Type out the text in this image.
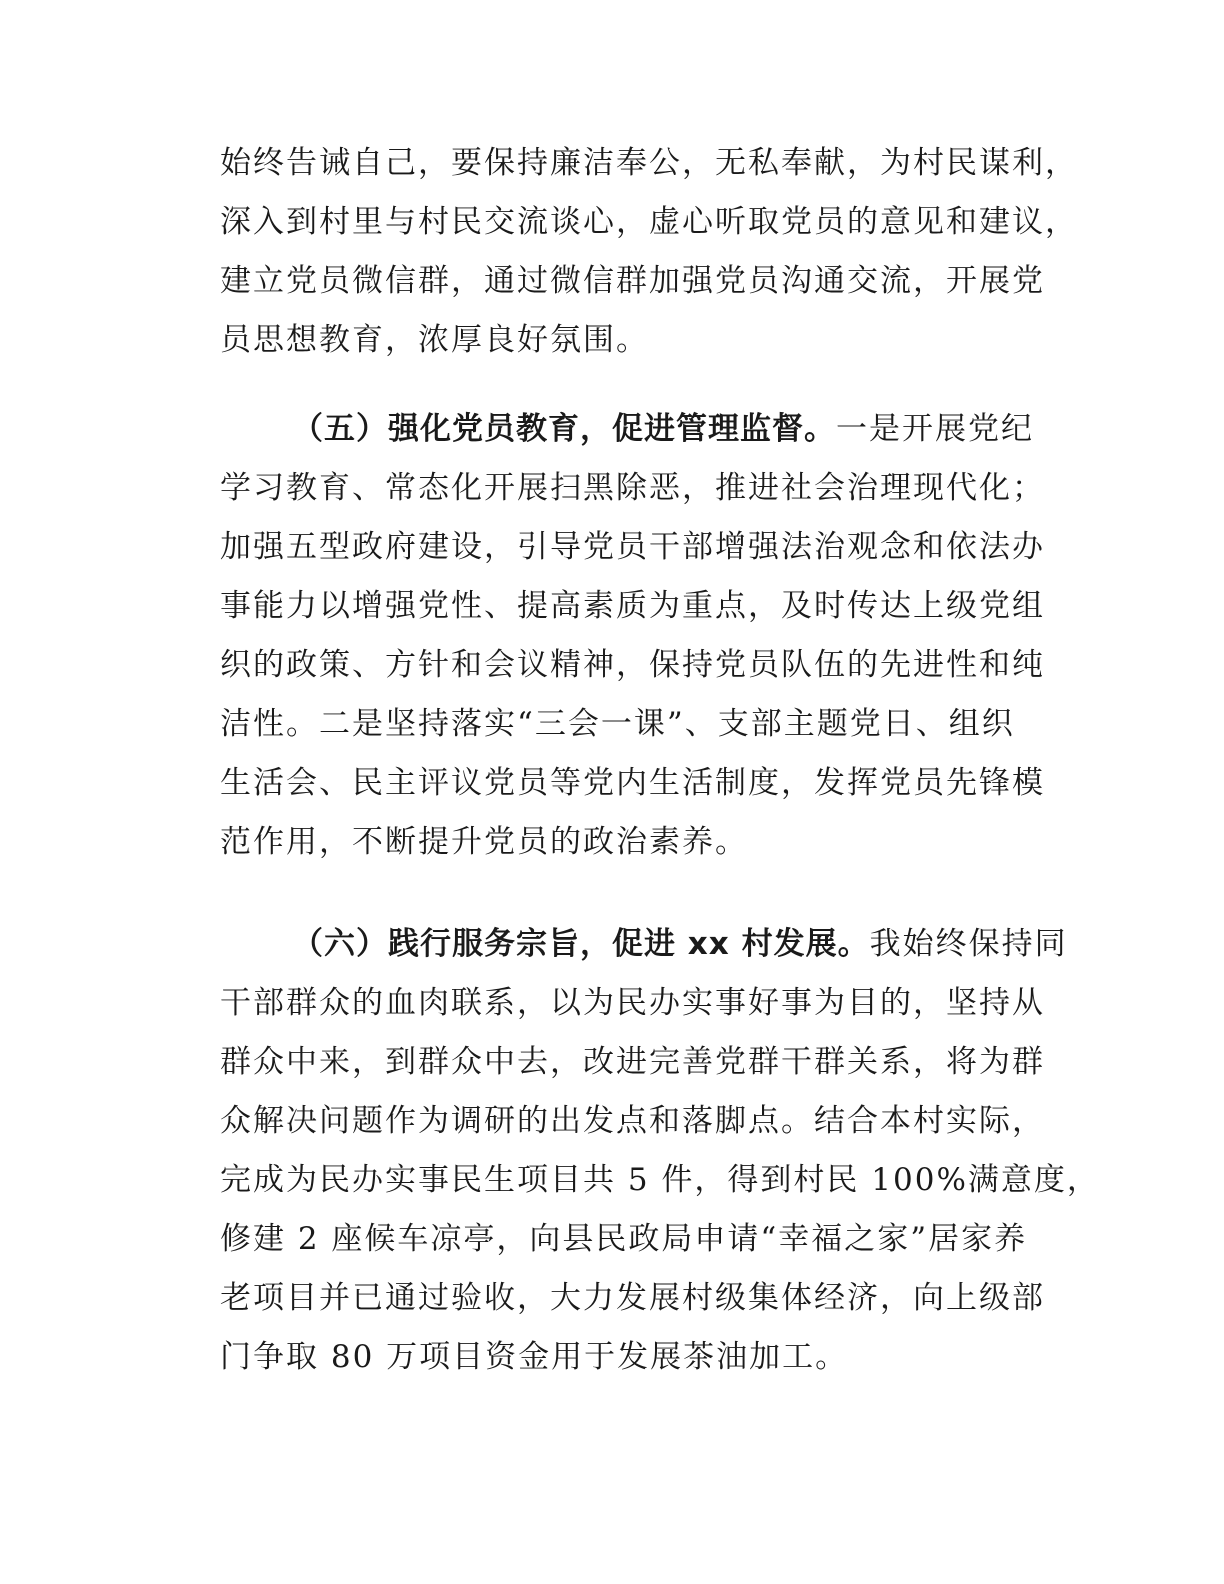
始终告诫自己，要保持廉洁奉公，无私奉献，为村民谋利，
深入到村里与村民交流谈心，虚心听取党员的意见和建议，
建立党员微信群，通过微信群加强党员沟通交流，开展党
员思想教育，浓厚良好氛围。
（五）强化党员教育，促进管理监督。一是开展党纪
学习教育、常态化开展扫黑除恶，推进社会治理现代化；
加强五型政府建设，引导党员干部增强法治观念和依法办
事能力以增强党性、提高素质为重点，及时传达上级党组
织的政策、方针和会议精神，保持党员队伍的先进性和纯
洁性。二是坚持落实“三会一课”、支部主题党日、组织
生活会、民主评议党员等党内生活制度，发挥党员先锋模
范作用，不断提升党员的政治素养。
（六）践行服务宗旨，促进 xx 村发展。我始终保持同
干部群众的血肉联系，以为民办实事好事为目的，坚持从
群众中来，到群众中去，改进完善党群干群关系，将为群
众解决问题作为调研的出发点和落脚点。结合本村实际，
完成为民办实事民生项目共 5 件，得到村民 100%满意度，
修建 2 座候车凉亭，向县民政局申请“幸福之家”居家养
老项目并已通过验收，大力发展村级集体经济，向上级部
门争取 80 万项目资金用于发展茶油加工。
